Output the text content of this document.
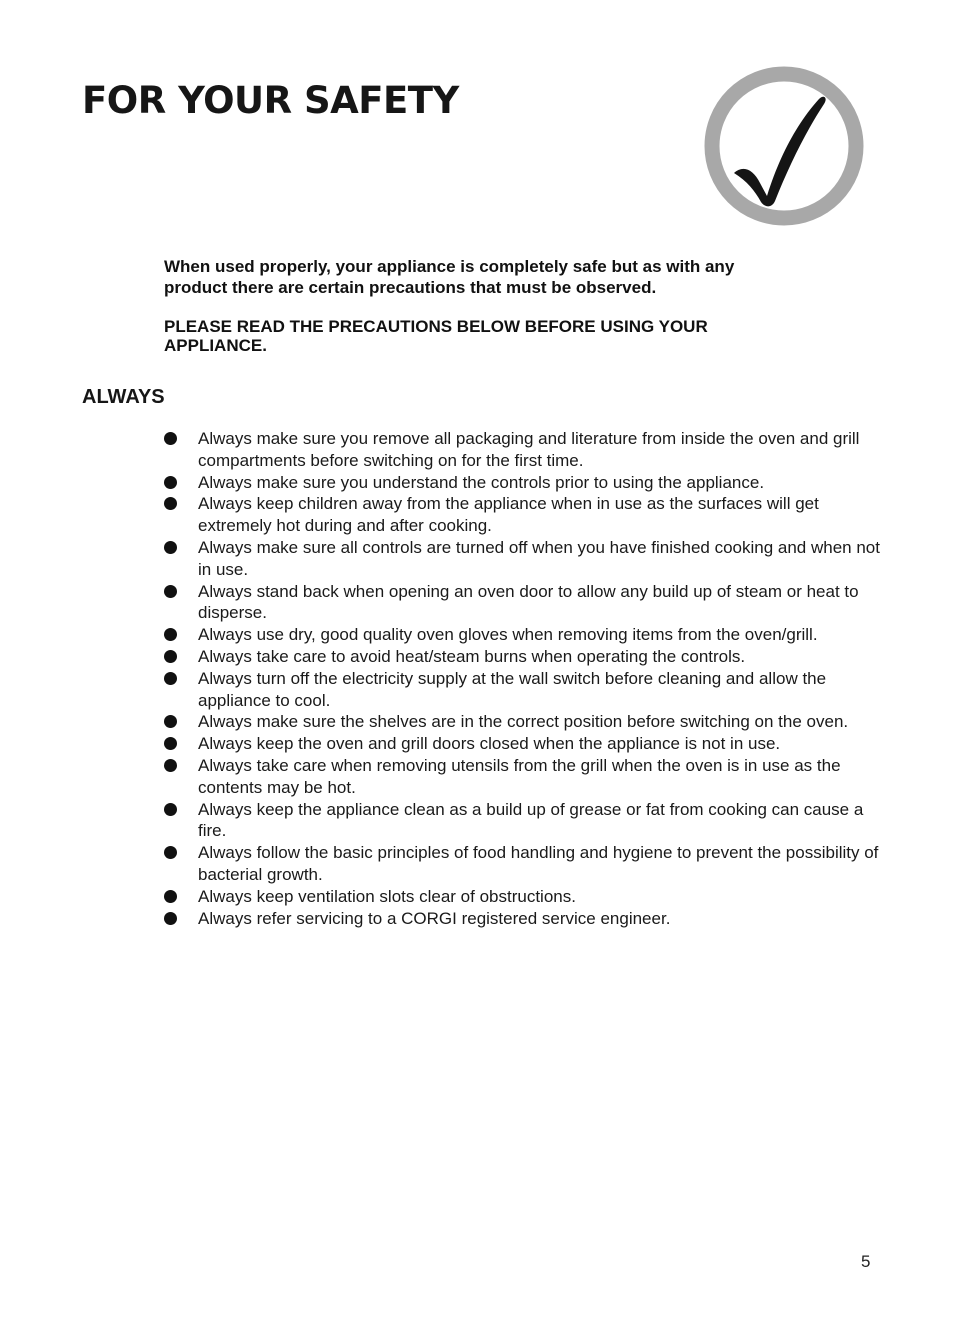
FOR YOUR SAFETY

When used properly, your appliance is completely safe but as with any
product there are certain precautions that must be observed.

PLEASE READ THE PRECAUTIONS BELOW BEFORE USING YOUR
APPLIANCE.

ALWAYS
Always make sure you remove all packaging and literature from inside the oven and grill compartments before switching on for the first time.
Always make sure you understand the controls prior to using the appliance.
Always keep children away from the appliance when in use as the surfaces will get extremely hot during and after cooking.
Always make sure all controls are turned off when you have finished cooking and when not in use.
Always stand back when opening an oven door to allow any build up of steam or heat to disperse.
Always use dry, good quality oven gloves when removing items from the oven/grill.
Always take care to avoid heat/steam burns when operating the controls.
Always turn off the electricity supply at the wall switch before cleaning and allow the appliance to cool.
Always make sure the shelves are in the correct position before switching on the oven.
Always keep the oven and grill doors closed when the appliance is not in use.
Always take care when removing utensils from the grill when the oven is in use as the contents may be hot.
Always keep the appliance clean as a build up of grease or fat from cooking can cause a fire.
Always follow the basic principles of food handling and hygiene to prevent the possibility of bacterial growth.
Always keep ventilation slots clear of obstructions.
Always refer servicing to a CORGI registered service engineer.
5
